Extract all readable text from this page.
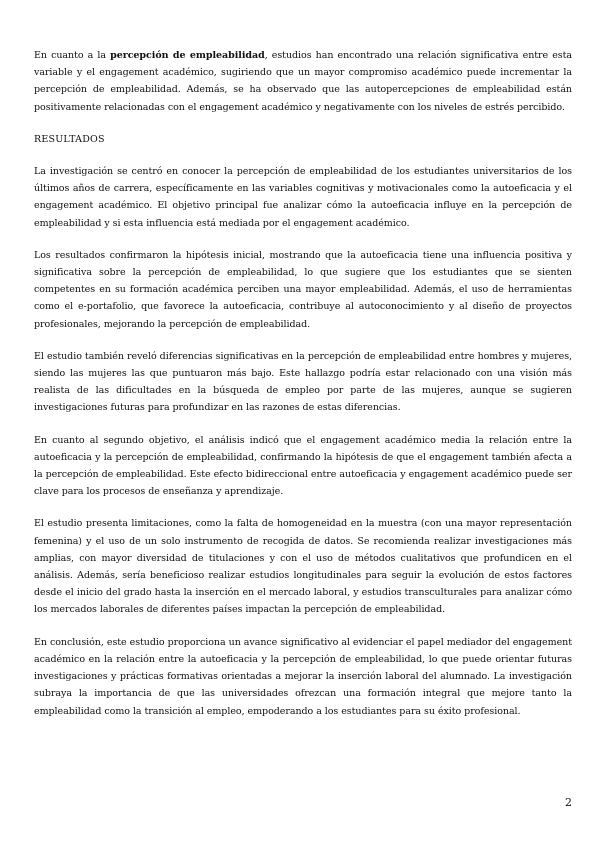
En cuanto a la percepción de empleabilidad, estudios han encontrado una relación significativa entre esta variable y el engagement académico, sugiriendo que un mayor compromiso académico puede incrementar la percepción de empleabilidad. Además, se ha observado que las autopercepciones de empleabilidad están positivamente relacionadas con el engagement académico y negativamente con los niveles de estrés percibido.

RESULTADOS

La investigación se centró en conocer la percepción de empleabilidad de los estudiantes universitarios de los últimos años de carrera, específicamente en las variables cognitivas y motivacionales como la autoeficacia y el engagement académico. El objetivo principal fue analizar cómo la autoeficacia influye en la percepción de empleabilidad y si esta influencia está mediada por el engagement académico.

Los resultados confirmaron la hipótesis inicial, mostrando que la autoeficacia tiene una influencia positiva y significativa sobre la percepción de empleabilidad, lo que sugiere que los estudiantes que se sienten competentes en su formación académica perciben una mayor empleabilidad. Además, el uso de herramientas como el e-portafolio, que favorece la autoeficacia, contribuye al autoconocimiento y al diseño de proyectos profesionales, mejorando la percepción de empleabilidad.

El estudio también reveló diferencias significativas en la percepción de empleabilidad entre hombres y mujeres, siendo las mujeres las que puntuaron más bajo. Este hallazgo podría estar relacionado con una visión más realista de las dificultades en la búsqueda de empleo por parte de las mujeres, aunque se sugieren investigaciones futuras para profundizar en las razones de estas diferencias.

En cuanto al segundo objetivo, el análisis indicó que el engagement académico media la relación entre la autoeficacia y la percepción de empleabilidad, confirmando la hipótesis de que el engagement también afecta a la percepción de empleabilidad. Este efecto bidireccional entre autoeficacia y engagement académico puede ser clave para los procesos de enseñanza y aprendizaje.

El estudio presenta limitaciones, como la falta de homogeneidad en la muestra (con una mayor representación femenina) y el uso de un solo instrumento de recogida de datos. Se recomienda realizar investigaciones más amplias, con mayor diversidad de titulaciones y con el uso de métodos cualitativos que profundicen en el análisis. Además, sería beneficioso realizar estudios longitudinales para seguir la evolución de estos factores desde el inicio del grado hasta la inserción en el mercado laboral, y estudios transculturales para analizar cómo los mercados laborales de diferentes países impactan la percepción de empleabilidad.

En conclusión, este estudio proporciona un avance significativo al evidenciar el papel mediador del engagement académico en la relación entre la autoeficacia y la percepción de empleabilidad, lo que puede orientar futuras investigaciones y prácticas formativas orientadas a mejorar la inserción laboral del alumnado. La investigación subraya la importancia de que las universidades ofrezcan una formación integral que mejore tanto la empleabilidad como la transición al empleo, empoderando a los estudiantes para su éxito profesional.

2
